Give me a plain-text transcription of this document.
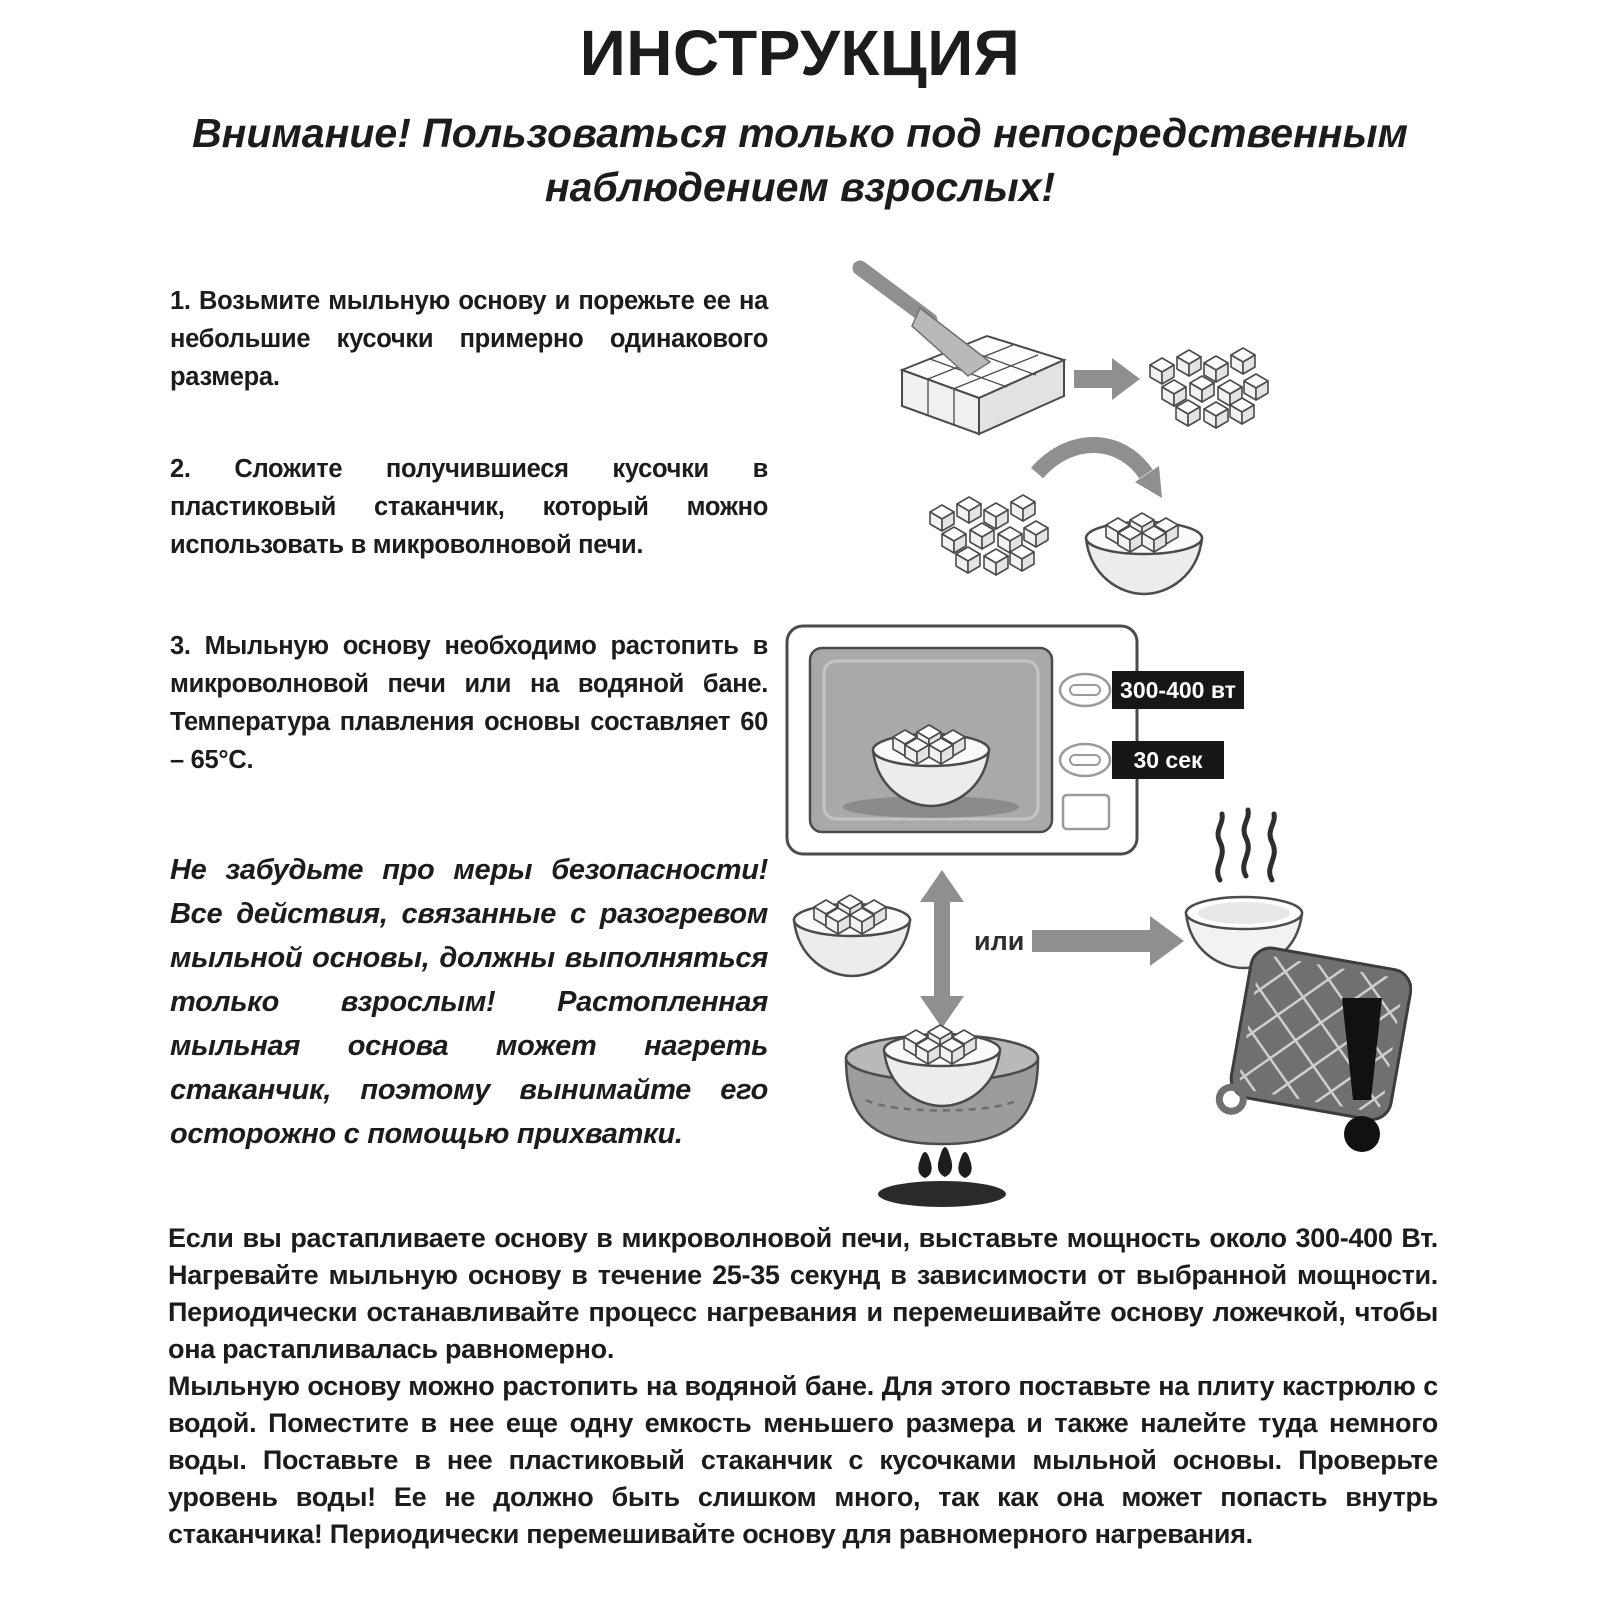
ИНСТРУКЦИЯ
Внимание! Пользоваться только под непосредственным наблюдением взрослых!

1. Возьмите мыльную основу и порежьте ее на небольшие кусочки примерно одинакового размера.

2. Сложите получившиеся кусочки в пластиковый стаканчик, который можно использовать в микроволновой печи.

3. Мыльную основу необходимо растопить в микроволновой печи или на водяной бане. Температура плавления основы составляет 60 – 65°С.

Не забудьте про меры безопасности! Все действия, связанные с разогревом мыльной основы, должны выполняться только взрослым! Растопленная мыльная основа может нагреть стаканчик, поэтому вынимайте его осторожно с помощью прихватки.

300-400 вт
30 сек
или

Если вы растапливаете основу в микроволновой печи, выставьте мощность около 300-400 Вт. Нагревайте мыльную основу в течение 25-35 секунд в зависимости от выбранной мощности. Периодически останавливайте процесс нагревания и перемешивайте основу ложечкой, чтобы она растапливалась равномерно.

Мыльную основу можно растопить на водяной бане. Для этого поставьте на плиту кастрюлю с водой. Поместите в нее еще одну емкость меньшего размера и также налейте туда немного воды. Поставьте в нее пластиковый стаканчик с кусочками мыльной основы. Проверьте уровень воды! Ее не должно быть слишком много, так как она может попасть внутрь стаканчика! Периодически перемешивайте основу для равномерного нагревания.
